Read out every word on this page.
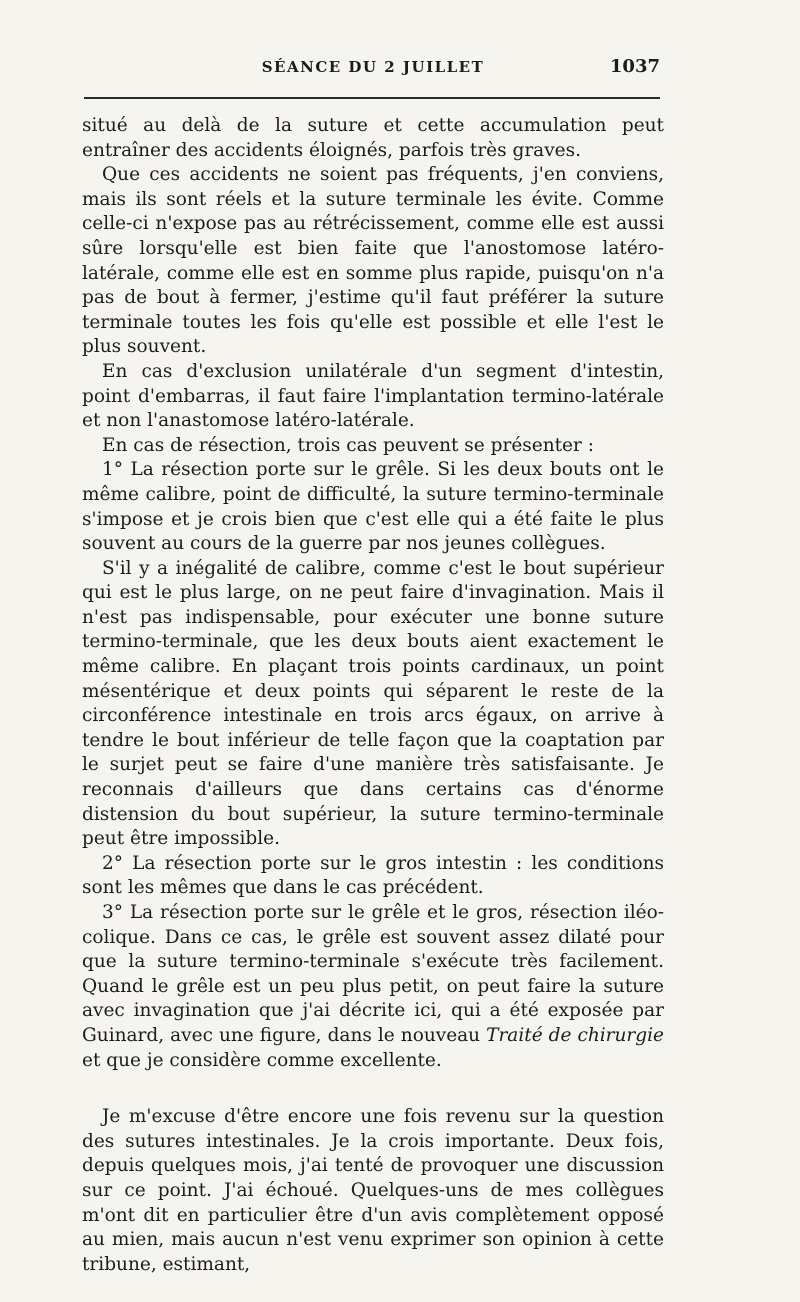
SÉANCE DU 2 JUILLET	1037

situé au delà de la suture et cette accumulation peut entraîner des accidents éloignés, parfois très graves.

Que ces accidents ne soient pas fréquents, j'en conviens, mais ils sont réels et la suture terminale les évite. Comme celle-ci n'expose pas au rétrécissement, comme elle est aussi sûre lorsqu'elle est bien faite que l'anostomose latéro-latérale, comme elle est en somme plus rapide, puisqu'on n'a pas de bout à fermer, j'estime qu'il faut préférer la suture terminale toutes les fois qu'elle est possible et elle l'est le plus souvent.

En cas d'exclusion unilatérale d'un segment d'intestin, point d'embarras, il faut faire l'implantation termino-latérale et non l'anastomose latéro-latérale.

En cas de résection, trois cas peuvent se présenter :

1° La résection porte sur le grêle. Si les deux bouts ont le même calibre, point de difficulté, la suture termino-terminale s'impose et je crois bien que c'est elle qui a été faite le plus souvent au cours de la guerre par nos jeunes collègues.

S'il y a inégalité de calibre, comme c'est le bout supérieur qui est le plus large, on ne peut faire d'invagination. Mais il n'est pas indispensable, pour exécuter une bonne suture termino-terminale, que les deux bouts aient exactement le même calibre. En plaçant trois points cardinaux, un point mésentérique et deux points qui séparent le reste de la circonférence intestinale en trois arcs égaux, on arrive à tendre le bout inférieur de telle façon que la coaptation par le surjet peut se faire d'une manière très satisfaisante. Je reconnais d'ailleurs que dans certains cas d'énorme distension du bout supérieur, la suture termino-terminale peut être impossible.

2° La résection porte sur le gros intestin : les conditions sont les mêmes que dans le cas précédent.

3° La résection porte sur le grêle et le gros, résection iléo-colique. Dans ce cas, le grêle est souvent assez dilaté pour que la suture termino-terminale s'exécute très facilement. Quand le grêle est un peu plus petit, on peut faire la suture avec invagination que j'ai décrite ici, qui a été exposée par Guinard, avec une figure, dans le nouveau Traité de chirurgie et que je considère comme excellente.

Je m'excuse d'être encore une fois revenu sur la question des sutures intestinales. Je la crois importante. Deux fois, depuis quelques mois, j'ai tenté de provoquer une discussion sur ce point. J'ai échoué. Quelques-uns de mes collègues m'ont dit en particulier être d'un avis complètement opposé au mien, mais aucun n'est venu exprimer son opinion à cette tribune, estimant,
